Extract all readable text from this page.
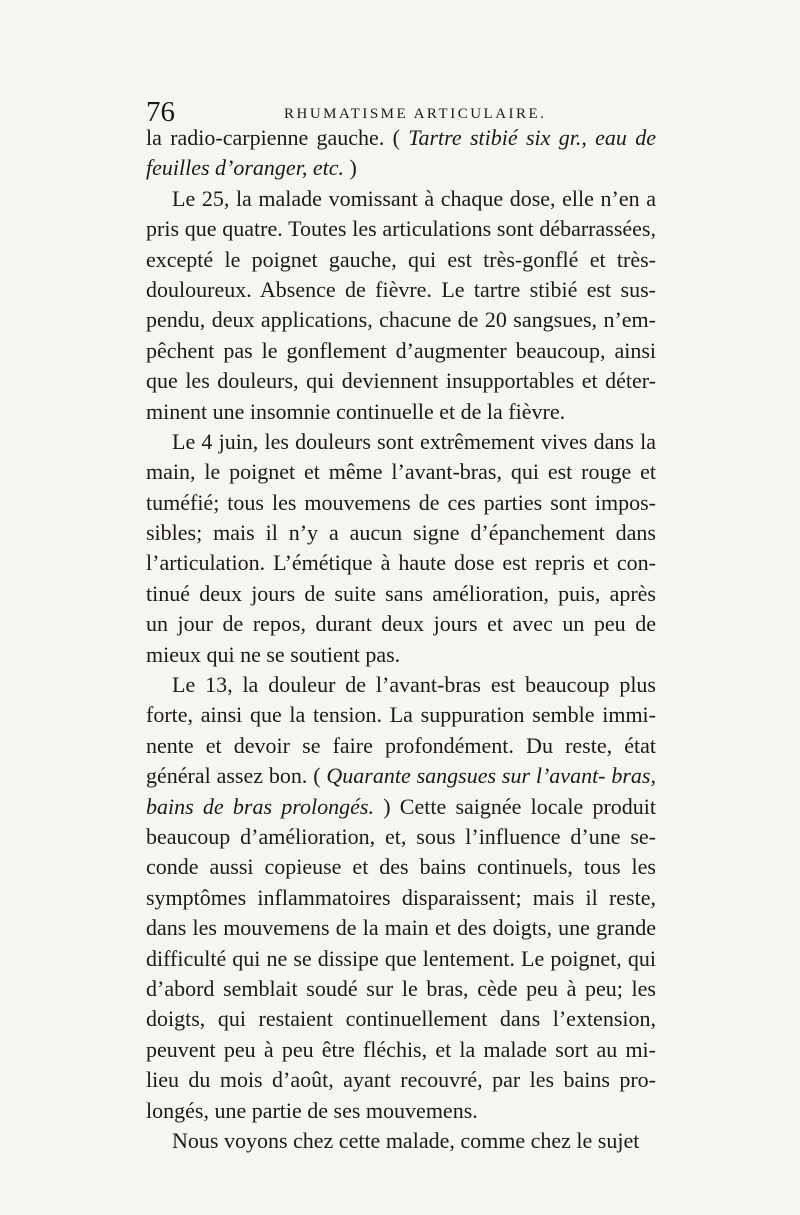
76	RHUMATISME ARTICULAIRE.
la radio-carpienne gauche. ( Tartre stibié six gr., eau de
feuilles d’oranger, etc. )
Le 25, la malade vomissant à chaque dose, elle n’en a
pris que quatre. Toutes les articulations sont débarrassées,
excepté le poignet gauche, qui est très-gonflé et très-
douloureux. Absence de fièvre. Le tartre stibié est sus-
pendu, deux applications, chacune de 20 sangsues, n’em-
pêchent pas le gonflement d’augmenter beaucoup, ainsi
que les douleurs, qui deviennent insupportables et déter-
minent une insomnie continuelle et de la fièvre.
Le 4 juin, les douleurs sont extrêmement vives dans la
main, le poignet et même l’avant-bras, qui est rouge et
tuméfié; tous les mouvemens de ces parties sont impos-
sibles; mais il n’y a aucun signe d’épanchement dans
l’articulation. L’émétique à haute dose est repris et con-
tinué deux jours de suite sans amélioration, puis, après
un jour de repos, durant deux jours et avec un peu de
mieux qui ne se soutient pas.
Le 13, la douleur de l’avant-bras est beaucoup plus
forte, ainsi que la tension. La suppuration semble immi-
nente et devoir se faire profondément. Du reste, état
général assez bon. ( Quarante sangsues sur l’avant- bras,
bains de bras prolongés. ) Cette saignée locale produit
beaucoup d’amélioration, et, sous l’influence d’une se-
conde aussi copieuse et des bains continuels, tous les
symptômes inflammatoires disparaissent; mais il reste,
dans les mouvemens de la main et des doigts, une grande
difficulté qui ne se dissipe que lentement. Le poignet, qui
d’abord semblait soudé sur le bras, cède peu à peu; les
doigts, qui restaient continuellement dans l’extension,
peuvent peu à peu être fléchis, et la malade sort au mi-
lieu du mois d’août, ayant recouvré, par les bains pro-
longés, une partie de ses mouvemens.
Nous voyons chez cette malade, comme chez le sujet
